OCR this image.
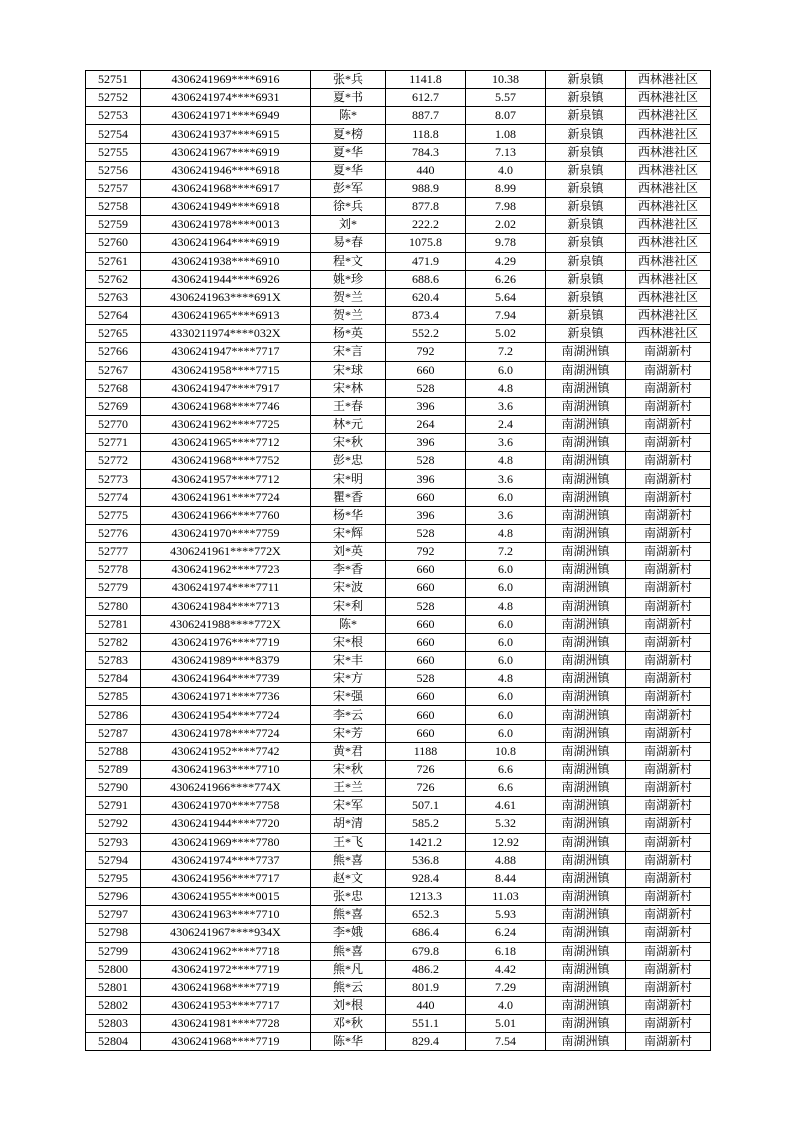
52751	4306241969****6916	张*兵	1141.8	10.38	新泉镇	西林港社区
52752	4306241974****6931	夏*书	612.7	5.57	新泉镇	西林港社区
52753	4306241971****6949	陈*	887.7	8.07	新泉镇	西林港社区
52754	4306241937****6915	夏*榜	118.8	1.08	新泉镇	西林港社区
52755	4306241967****6919	夏*华	784.3	7.13	新泉镇	西林港社区
52756	4306241946****6918	夏*华	440	4.0	新泉镇	西林港社区
52757	4306241968****6917	彭*军	988.9	8.99	新泉镇	西林港社区
52758	4306241949****6918	徐*兵	877.8	7.98	新泉镇	西林港社区
52759	4306241978****0013	刘*	222.2	2.02	新泉镇	西林港社区
52760	4306241964****6919	易*春	1075.8	9.78	新泉镇	西林港社区
52761	4306241938****6910	程*文	471.9	4.29	新泉镇	西林港社区
52762	4306241944****6926	姚*珍	688.6	6.26	新泉镇	西林港社区
52763	4306241963****691X	贺*兰	620.4	5.64	新泉镇	西林港社区
52764	4306241965****6913	贺*兰	873.4	7.94	新泉镇	西林港社区
52765	4330211974****032X	杨*英	552.2	5.02	新泉镇	西林港社区
52766	4306241947****7717	宋*言	792	7.2	南湖洲镇	南湖新村
52767	4306241958****7715	宋*球	660	6.0	南湖洲镇	南湖新村
52768	4306241947****7917	宋*林	528	4.8	南湖洲镇	南湖新村
52769	4306241968****7746	王*春	396	3.6	南湖洲镇	南湖新村
52770	4306241962****7725	林*元	264	2.4	南湖洲镇	南湖新村
52771	4306241965****7712	宋*秋	396	3.6	南湖洲镇	南湖新村
52772	4306241968****7752	彭*忠	528	4.8	南湖洲镇	南湖新村
52773	4306241957****7712	宋*明	396	3.6	南湖洲镇	南湖新村
52774	4306241961****7724	瞿*香	660	6.0	南湖洲镇	南湖新村
52775	4306241966****7760	杨*华	396	3.6	南湖洲镇	南湖新村
52776	4306241970****7759	宋*辉	528	4.8	南湖洲镇	南湖新村
52777	4306241961****772X	刘*英	792	7.2	南湖洲镇	南湖新村
52778	4306241962****7723	李*香	660	6.0	南湖洲镇	南湖新村
52779	4306241974****7711	宋*波	660	6.0	南湖洲镇	南湖新村
52780	4306241984****7713	宋*利	528	4.8	南湖洲镇	南湖新村
52781	4306241988****772X	陈*	660	6.0	南湖洲镇	南湖新村
52782	4306241976****7719	宋*根	660	6.0	南湖洲镇	南湖新村
52783	4306241989****8379	宋*丰	660	6.0	南湖洲镇	南湖新村
52784	4306241964****7739	宋*方	528	4.8	南湖洲镇	南湖新村
52785	4306241971****7736	宋*强	660	6.0	南湖洲镇	南湖新村
52786	4306241954****7724	李*云	660	6.0	南湖洲镇	南湖新村
52787	4306241978****7724	宋*芳	660	6.0	南湖洲镇	南湖新村
52788	4306241952****7742	黄*君	1188	10.8	南湖洲镇	南湖新村
52789	4306241963****7710	宋*秋	726	6.6	南湖洲镇	南湖新村
52790	4306241966****774X	王*兰	726	6.6	南湖洲镇	南湖新村
52791	4306241970****7758	宋*军	507.1	4.61	南湖洲镇	南湖新村
52792	4306241944****7720	胡*清	585.2	5.32	南湖洲镇	南湖新村
52793	4306241969****7780	王*飞	1421.2	12.92	南湖洲镇	南湖新村
52794	4306241974****7737	熊*喜	536.8	4.88	南湖洲镇	南湖新村
52795	4306241956****7717	赵*文	928.4	8.44	南湖洲镇	南湖新村
52796	4306241955****0015	张*忠	1213.3	11.03	南湖洲镇	南湖新村
52797	4306241963****7710	熊*喜	652.3	5.93	南湖洲镇	南湖新村
52798	4306241967****934X	李*娥	686.4	6.24	南湖洲镇	南湖新村
52799	4306241962****7718	熊*喜	679.8	6.18	南湖洲镇	南湖新村
52800	4306241972****7719	熊*凡	486.2	4.42	南湖洲镇	南湖新村
52801	4306241968****7719	熊*云	801.9	7.29	南湖洲镇	南湖新村
52802	4306241953****7717	刘*根	440	4.0	南湖洲镇	南湖新村
52803	4306241981****7728	邓*秋	551.1	5.01	南湖洲镇	南湖新村
52804	4306241968****7719	陈*华	829.4	7.54	南湖洲镇	南湖新村
